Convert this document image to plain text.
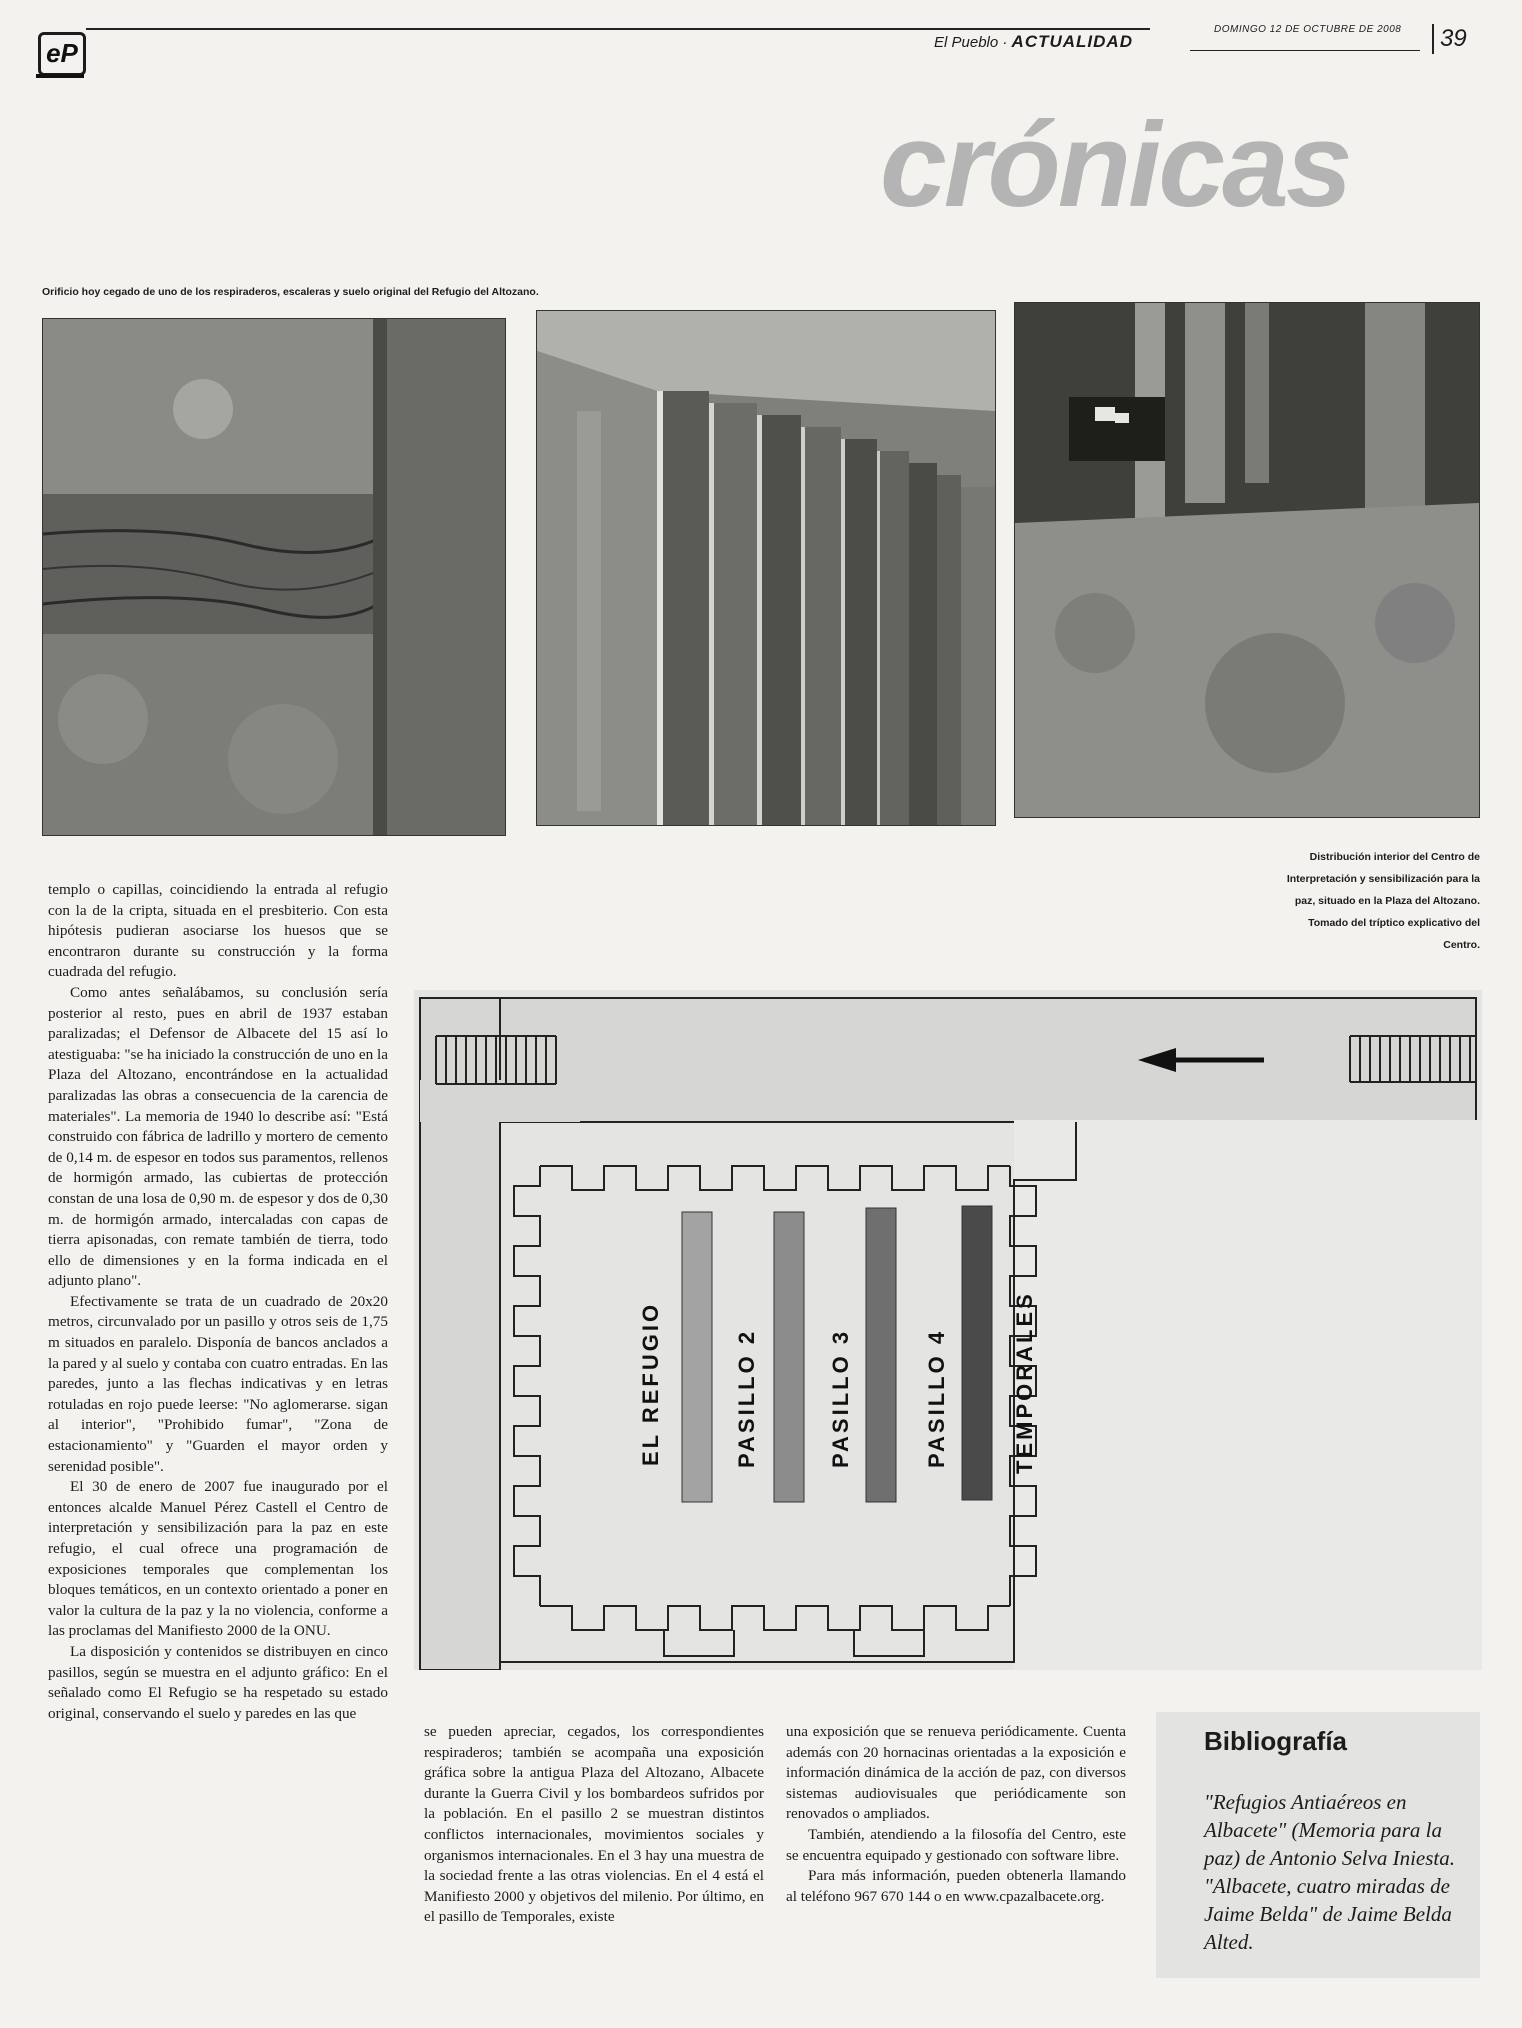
eP	El Pueblo · ACTUALIDAD
DOMINGO 12 DE OCTUBRE DE 2008	39
crónicas
Orificio hoy cegado de uno de los respiraderos, escaleras y suelo original del Refugio del Altozano.
Distribución interior del Centro de Interpretación y sensibilización para la paz, situado en la Plaza del Altozano. Tomado del tríptico explicativo del Centro.
EL REFUGIO	PASILLO 2	PASILLO 3	PASILLO 4	TEMPORALES

templo o capillas, coincidiendo la entrada al refugio con la de la cripta, situada en el presbiterio. Con esta hipótesis pudieran asociarse los huesos que se encontraron durante su construcción y la forma cuadrada del refugio.

Como antes señalábamos, su conclusión sería posterior al resto, pues en abril de 1937 estaban paralizadas; el Defensor de Albacete del 15 así lo atestiguaba: "se ha iniciado la construcción de uno en la Plaza del Altozano, encontrándose en la actualidad paralizadas las obras a consecuencia de la carencia de materiales". La memoria de 1940 lo describe así: "Está construido con fábrica de ladrillo y mortero de cemento de 0,14 m. de espesor en todos sus paramentos, rellenos de hormigón armado, las cubiertas de protección constan de una losa de 0,90 m. de espesor y dos de 0,30 m. de hormigón armado, intercaladas con capas de tierra apisonadas, con remate también de tierra, todo ello de dimensiones y en la forma indicada en el adjunto plano".

Efectivamente se trata de un cuadrado de 20x20 metros, circunvalado por un pasillo y otros seis de 1,75 m situados en paralelo. Disponía de bancos anclados a la pared y al suelo y contaba con cuatro entradas. En las paredes, junto a las flechas indicativas y en letras rotuladas en rojo puede leerse: "No aglomerarse. sigan al interior", "Prohibido fumar", "Zona de estacionamiento" y "Guarden el mayor orden y serenidad posible".

El 30 de enero de 2007 fue inaugurado por el entonces alcalde Manuel Pérez Castell el Centro de interpretación y sensibilización para la paz en este refugio, el cual ofrece una programación de exposiciones temporales que complementan los bloques temáticos, en un contexto orientado a poner en valor la cultura de la paz y la no violencia, conforme a las proclamas del Manifiesto 2000 de la ONU.

La disposición y contenidos se distribuyen en cinco pasillos, según se muestra en el adjunto gráfico: En el señalado como El Refugio se ha respetado su estado original, conservando el suelo y paredes en las que

se pueden apreciar, cegados, los correspondientes respiraderos; también se acompaña una exposición gráfica sobre la antigua Plaza del Altozano, Albacete durante la Guerra Civil y los bombardeos sufridos por la población. En el pasillo 2 se muestran distintos conflictos internacionales, movimientos sociales y organismos internacionales. En el 3 hay una muestra de la sociedad frente a las otras violencias. En el 4 está el Manifiesto 2000 y objetivos del milenio. Por último, en el pasillo de Temporales, existe

una exposición que se renueva periódicamente. Cuenta además con 20 hornacinas orientadas a la exposición e información dinámica de la acción de paz, con diversos sistemas audiovisuales que periódicamente son renovados o ampliados.

También, atendiendo a la filosofía del Centro, este se encuentra equipado y gestionado con software libre.

Para más información, pueden obtenerla llamando al teléfono 967 670 144 o en www.cpazalbacete.org.

Bibliografía
"Refugios Antiaéreos en Albacete" (Memoria para la paz) de Antonio Selva Iniesta. "Albacete, cuatro miradas de Jaime Belda" de Jaime Belda Alted.
